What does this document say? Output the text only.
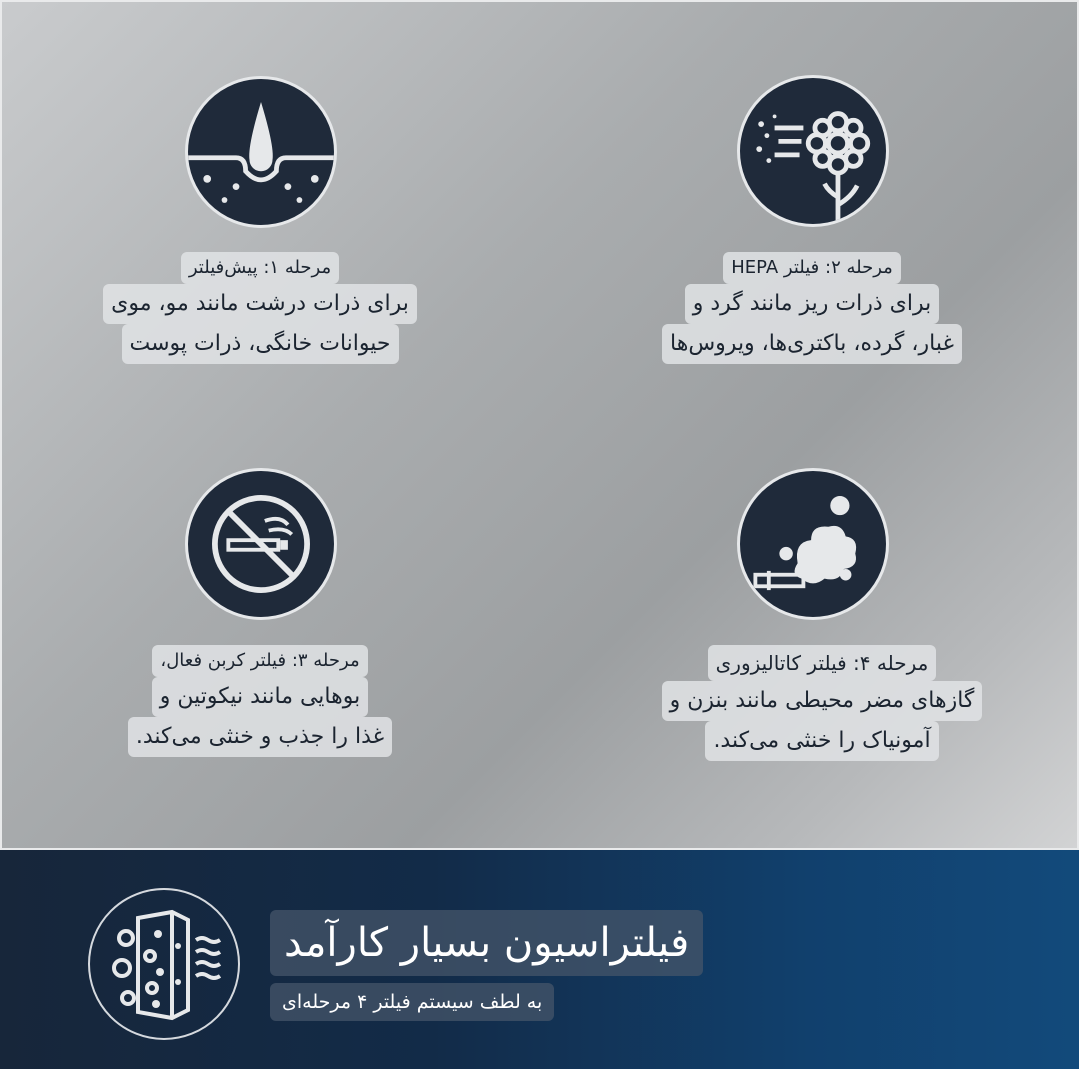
مرحله ۱: پیش‌فیلتر
برای ذرات درشت مانند مو، موی
حیوانات خانگی، ذرات پوست
مرحله ۲: فیلتر HEPA
برای ذرات ریز مانند گرد و
غبار، گرده، باکتری‌ها، ویروس‌ها
مرحله ۳: فیلتر کربن فعال،
بوهایی مانند نیکوتین و
غذا را جذب و خنثی می‌کند.
مرحله ۴: فیلتر کاتالیزوری
گازهای مضر محیطی مانند بنزن و
آمونیاک را خنثی می‌کند.
فیلتراسیون بسیار کارآمد
به لطف سیستم فیلتر ۴ مرحله‌ای
